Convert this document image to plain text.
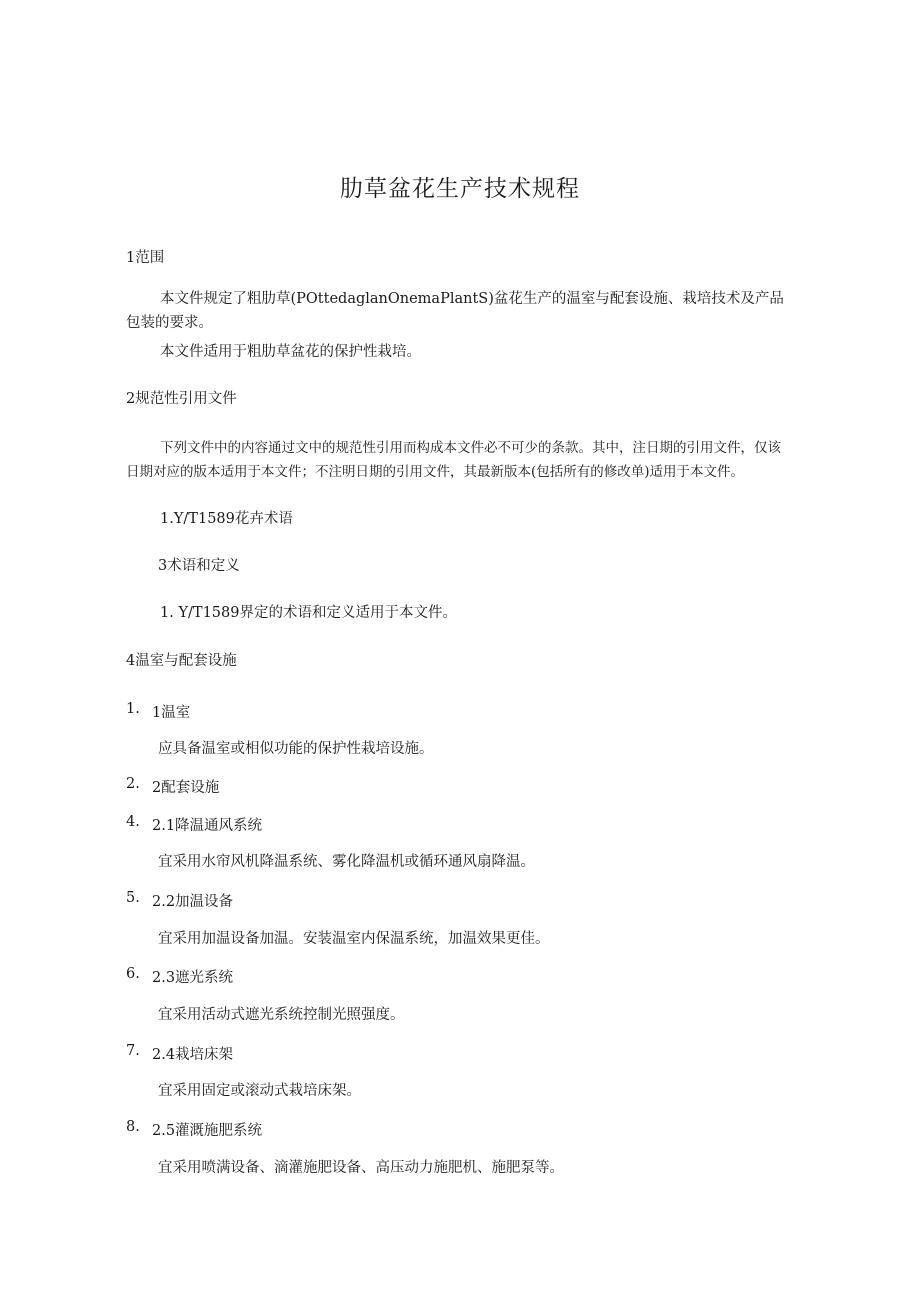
肋草盆花生产技术规程
1范围
本文件规定了粗肋草(POttedaglanOnemaPlantS)盆花生产的温室与配套设施、栽培技术及产品包装的要求。
本文件适用于粗肋草盆花的保护性栽培。
2规范性引用文件
下列文件中的内容通过文中的规范性引用而构成本文件必不可少的条款。其中，注日期的引用文件，仅该
日期对应的版本适用于本文件；不注明日期的引用文件，其最新版本(包括所有的修改单)适用于本文件。
1.Y/T1589花卉术语
3术语和定义
1. Y/T1589界定的术语和定义适用于本文件。
4温室与配套设施
1. 1温室
应具备温室或相似功能的保护性栽培设施。
2. 2配套设施
4. 2.1降温通风系统
宜采用水帘风机降温系统、雾化降温机或循环通风扇降温。
5. 2.2加温设备
宜采用加温设备加温。安装温室内保温系统，加温效果更佳。
6. 2.3遮光系统
宜采用活动式遮光系统控制光照强度。
7. 2.4栽培床架
宜采用固定或滚动式栽培床架。
8. 2.5灌溉施肥系统
宜采用喷满设备、滴灌施肥设备、高压动力施肥机、施肥泵等。
